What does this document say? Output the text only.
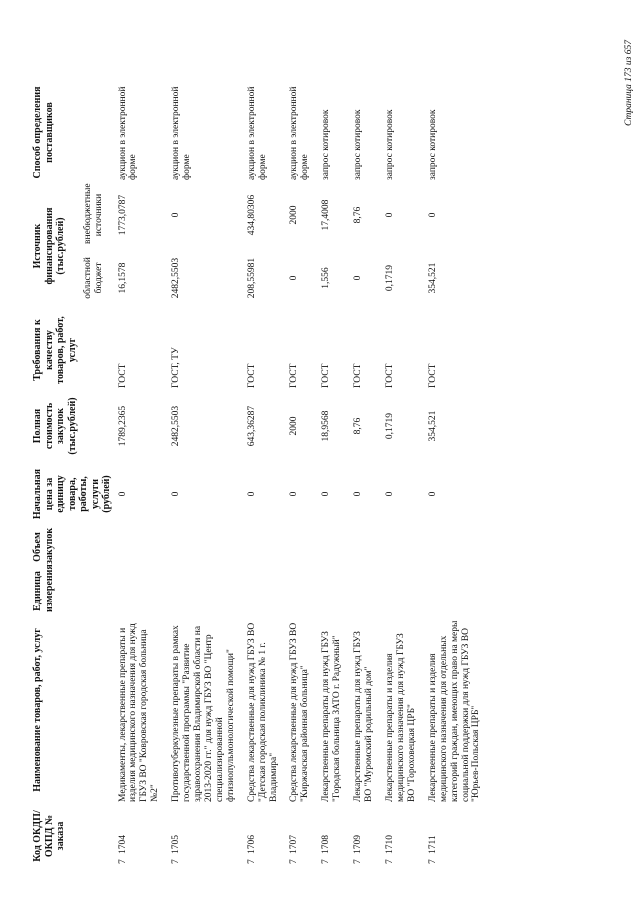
Код ОКДП/ ОКПД № заказа	Наименование товаров, работ, услуг	Единица измерения	Объем закупок	Начальная цена за единицу товара, работы, услуги (рублей)	Полная стоимость закупок (тыс.рублей)	Требования к качеству товаров, работ, услуг	Источник финансирования (тыс.рублей)		Способ определения поставщиков
							областной бюджет	внебюджетные источники	
71704	Медикаменты, лекарственные препараты и изделия медицинского назначения для нужд ГБУЗ ВО "Ковровская городская больница №2"			0	1789,2365	ГОСТ	16,1578	1773,0787	аукцион в электронной форме
71705	Противотуберкулезные препараты в рамках государственной программы "Развитие здравоохранения Владимирской области на 2013-2020 гг." для нужд ГБУЗ ВО "Центр специализированной фтизиопульмонологической помощи"			0	2482,5503	ГОСТ, ТУ	2482,5503	0	аукцион в электронной форме
71706	Средства лекарственные для нужд ГБУЗ ВО "Детская городская поликлиника № 1 г. Владимира"			0	643,36287	ГОСТ	208,55981	434,80306	аукцион в электронной форме
71707	Средства лекарственные для нужд ГБУЗ ВО "Киржачская районная больница"			0	2000	ГОСТ	0	2000	аукцион в электронной форме
71708	Лекарственные препараты для нужд ГБУЗ "Городская больница ЗАТО г. Радужный"			0	18,9568	ГОСТ	1,556	17,4008	запрос котировок
71709	Лекарственные препараты для нужд ГБУЗ ВО "Муромский родильный дом"			0	8,76	ГОСТ	0	8,76	запрос котировок
71710	Лекарственные препараты и изделия медицинского назначения для нужд ГБУЗ ВО "Гороховецкая ЦРБ"			0	0,1719	ГОСТ	0,1719	0	запрос котировок
71711	Лекарственные препараты и изделия медицинского назначения для отдельных категорий граждан, имеющих право на меры социальной поддержки для нужд ГБУЗ ВО "Юрьев-Польская ЦРБ"			0	354,521	ГОСТ	354,521	0	запрос котировок
Страница 173 из 657
